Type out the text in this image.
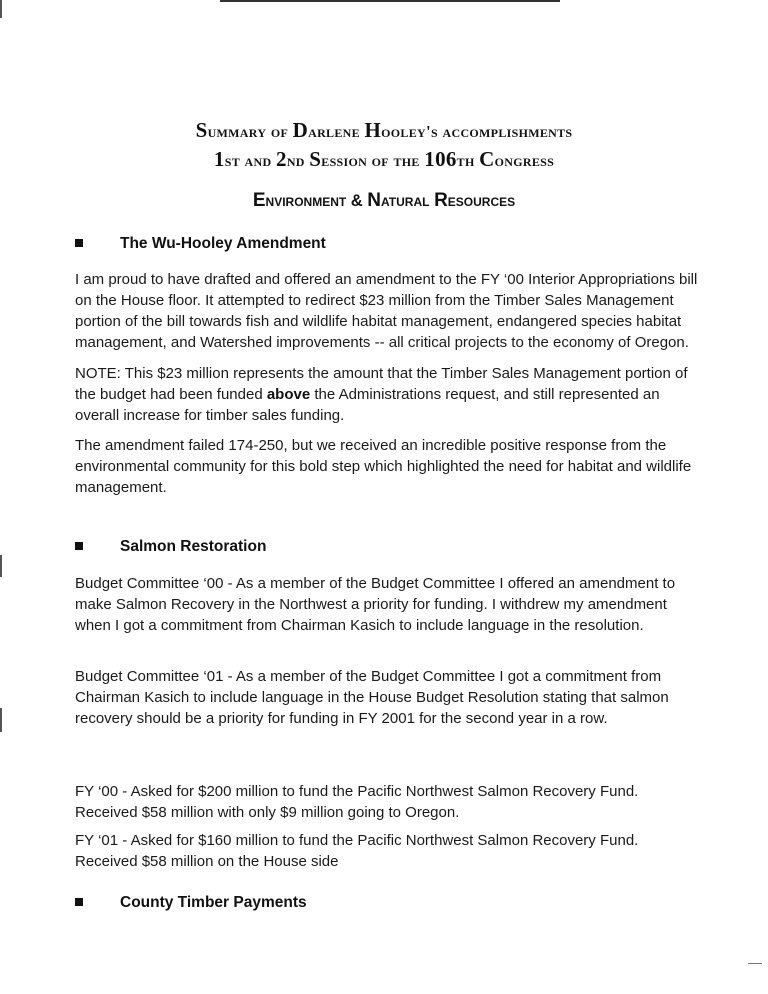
Summary of Darlene Hooley's accomplishments
1st and 2nd Session of the 106th Congress
Environment & Natural Resources
The Wu-Hooley Amendment
I am proud to have drafted and offered an amendment to the FY ‘00 Interior Appropriations bill on the House floor. It attempted to redirect $23 million from the Timber Sales Management portion of the bill towards fish and wildlife habitat management, endangered species habitat management, and Watershed improvements -- all critical projects to the economy of Oregon.
NOTE: This $23 million represents the amount that the Timber Sales Management portion of the budget had been funded above the Administrations request, and still represented an overall increase for timber sales funding.
The amendment failed 174-250, but we received an incredible positive response from the environmental community for this bold step which highlighted the need for habitat and wildlife management.
Salmon Restoration
Budget Committee ‘00 - As a member of the Budget Committee I offered an amendment to make Salmon Recovery in the Northwest a priority for funding. I withdrew my amendment when I got a commitment from Chairman Kasich to include language in the resolution.
Budget Committee ‘01 - As a member of the Budget Committee I got a commitment from Chairman Kasich to include language in the House Budget Resolution stating that salmon recovery should be a priority for funding in FY 2001 for the second year in a row.
FY ‘00 - Asked for $200 million to fund the Pacific Northwest Salmon Recovery Fund. Received $58 million with only $9 million going to Oregon.
FY ‘01 - Asked for $160 million to fund the Pacific Northwest Salmon Recovery Fund. Received $58 million on the House side
County Timber Payments
